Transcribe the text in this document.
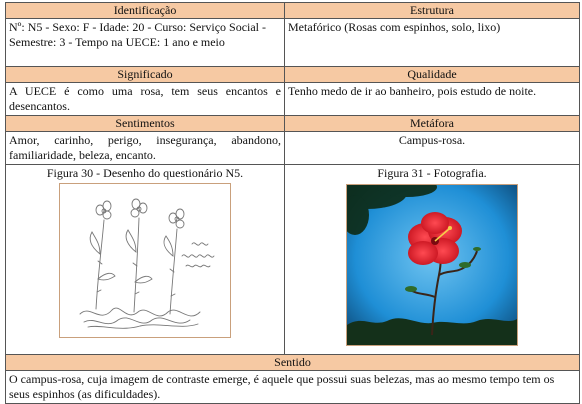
Identificação	Estrutura
Nº: N5 - Sexo: F - Idade: 20 - Curso: Serviço Social - Semestre: 3 - Tempo na UECE: 1 ano e meio	Metafórico (Rosas com espinhos, solo, lixo)
Significado	Qualidade
A UECE é como uma rosa, tem seus encantos e desencantos.	Tenho medo de ir ao banheiro, pois estudo de noite.
Sentimentos	Metáfora
Amor, carinho, perigo, insegurança, abandono, familiaridade, beleza, encanto.	Campus-rosa.

Figura 30 - Desenho do questionário N5.	Figura 31 - Fotografia.

Sentido	
O campus-rosa, cuja imagem de contraste emerge, é aquele que possui suas belezas, mas ao mesmo tempo tem os seus espinhos (as dificuldades).	
